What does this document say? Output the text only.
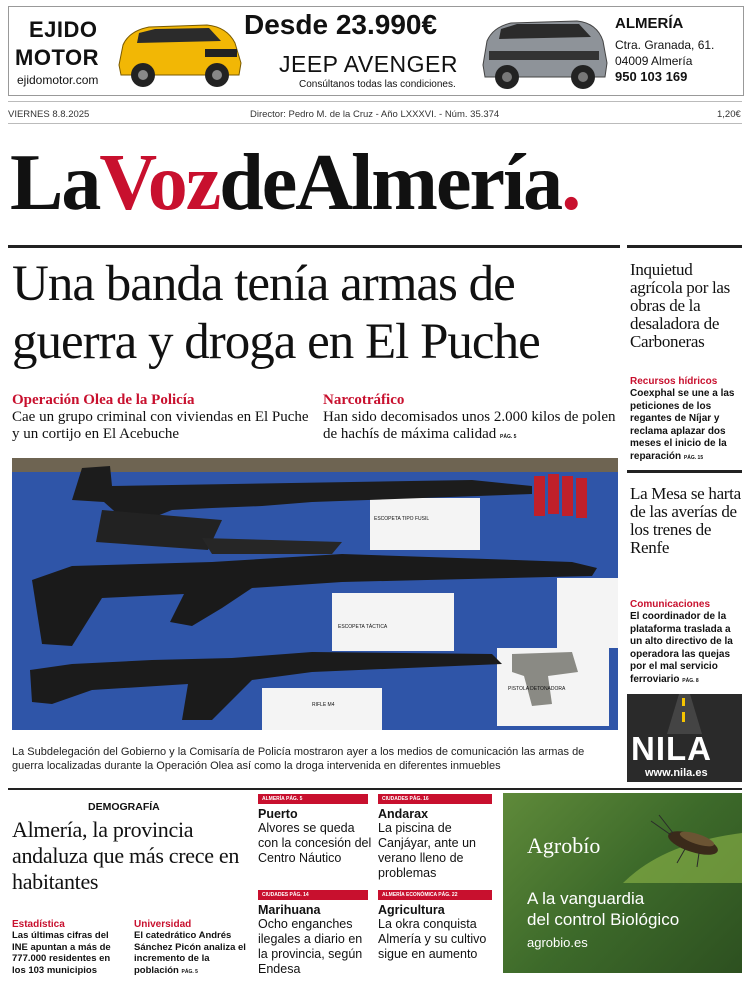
EJIDO
MOTOR
ejidomotor.com
Desde 23.990€
JEEP AVENGER
Consúltanos todas las condiciones.
ALMERÍA
Ctra. Granada, 61.
04009 Almería
950 103 169
VIERNES 8.8.2025	Director: Pedro M. de la Cruz - Año LXXXVI. - Núm. 35.374	1,20€
LaVozdeAlmería.
Una banda tenía armas de guerra y droga en El Puche
Operación Olea de la Policía
Cae un grupo criminal con viviendas en El Puche y un cortijo en El Acebuche
Narcotráfico
Han sido decomisados unos 2.000 kilos de polen de hachís de máxima calidad PÁG. 5
ESCOPETA TIPO FUSIL
ESCOPETA TÁCTICA
PISTOLA DETONADORA
RIFLE M4
La Subdelegación del Gobierno y la Comisaría de Policía mostraron ayer a los medios de comunicación las armas de guerra localizadas durante la Operación Olea así como la droga intervenida en diferentes inmuebles
Inquietud agrícola por las obras de la desaladora de Carboneras
Recursos hídricos
Coexphal se une a las peticiones de los regantes de Níjar y reclama aplazar dos meses el inicio de la reparación PÁG. 15
La Mesa se harta de las averías de los trenes de Renfe
Comunicaciones
El coordinador de la plataforma traslada a un alto directivo de la operadora las quejas por el mal servicio ferroviario PÁG. 8
NILA
www.nila.es
DEMOGRAFÍA
Almería, la provincia andaluza que más crece en habitantes
Estadística
Las últimas cifras del INE apuntan a más de 777.000 residentes en los 103 municipios
Universidad
El catedrático Andrés Sánchez Picón analiza el incremento de la población PÁG. 5
ALMERÍA PÁG. 5
Puerto
Alvores se queda con la concesión del Centro Náutico
CIUDADES PÁG. 16
Andarax
La piscina de Canjáyar, ante un verano lleno de problemas
CIUDADES PÁG. 14
Marihuana
Ocho enganches ilegales a diario en la provincia, según Endesa
ALMERÍA ECONÓMICA PÁG. 22
Agricultura
La okra conquista Almería y su cultivo sigue en aumento
Agrobío
A la vanguardia
del control Biológico
agrobio.es
